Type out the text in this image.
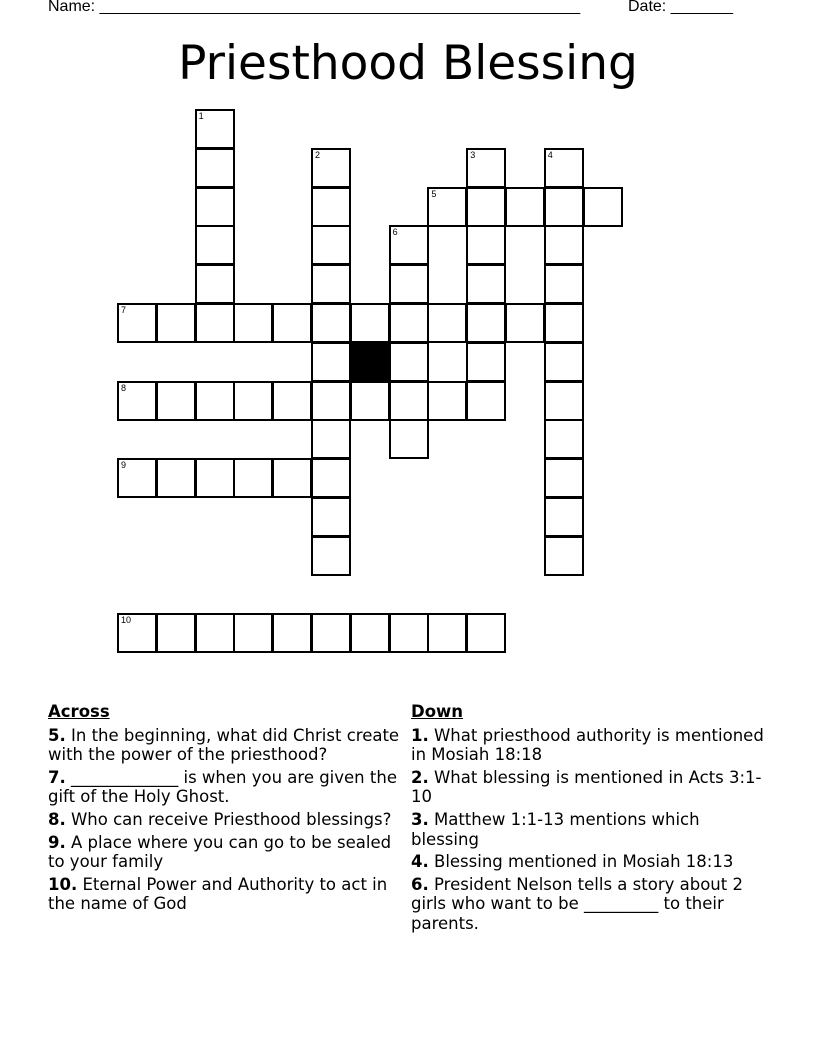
Name: ______________________________________________________	Date: _______
Priesthood Blessing
1
2	3	4
5
6
7
8
9
10
Across
5. In the beginning, what did Christ create with the power of the priesthood?
7. _____________ is when you are given the gift of the Holy Ghost.
8. Who can receive Priesthood blessings?
9. A place where you can go to be sealed to your family
10. Eternal Power and Authority to act in the name of God
Down
1. What priesthood authority is mentioned in Mosiah 18:18
2. What blessing is mentioned in Acts 3:1-10
3. Matthew 1:1-13 mentions which blessing
4. Blessing mentioned in Mosiah 18:13
6. President Nelson tells a story about 2 girls who want to be _________ to their parents.
